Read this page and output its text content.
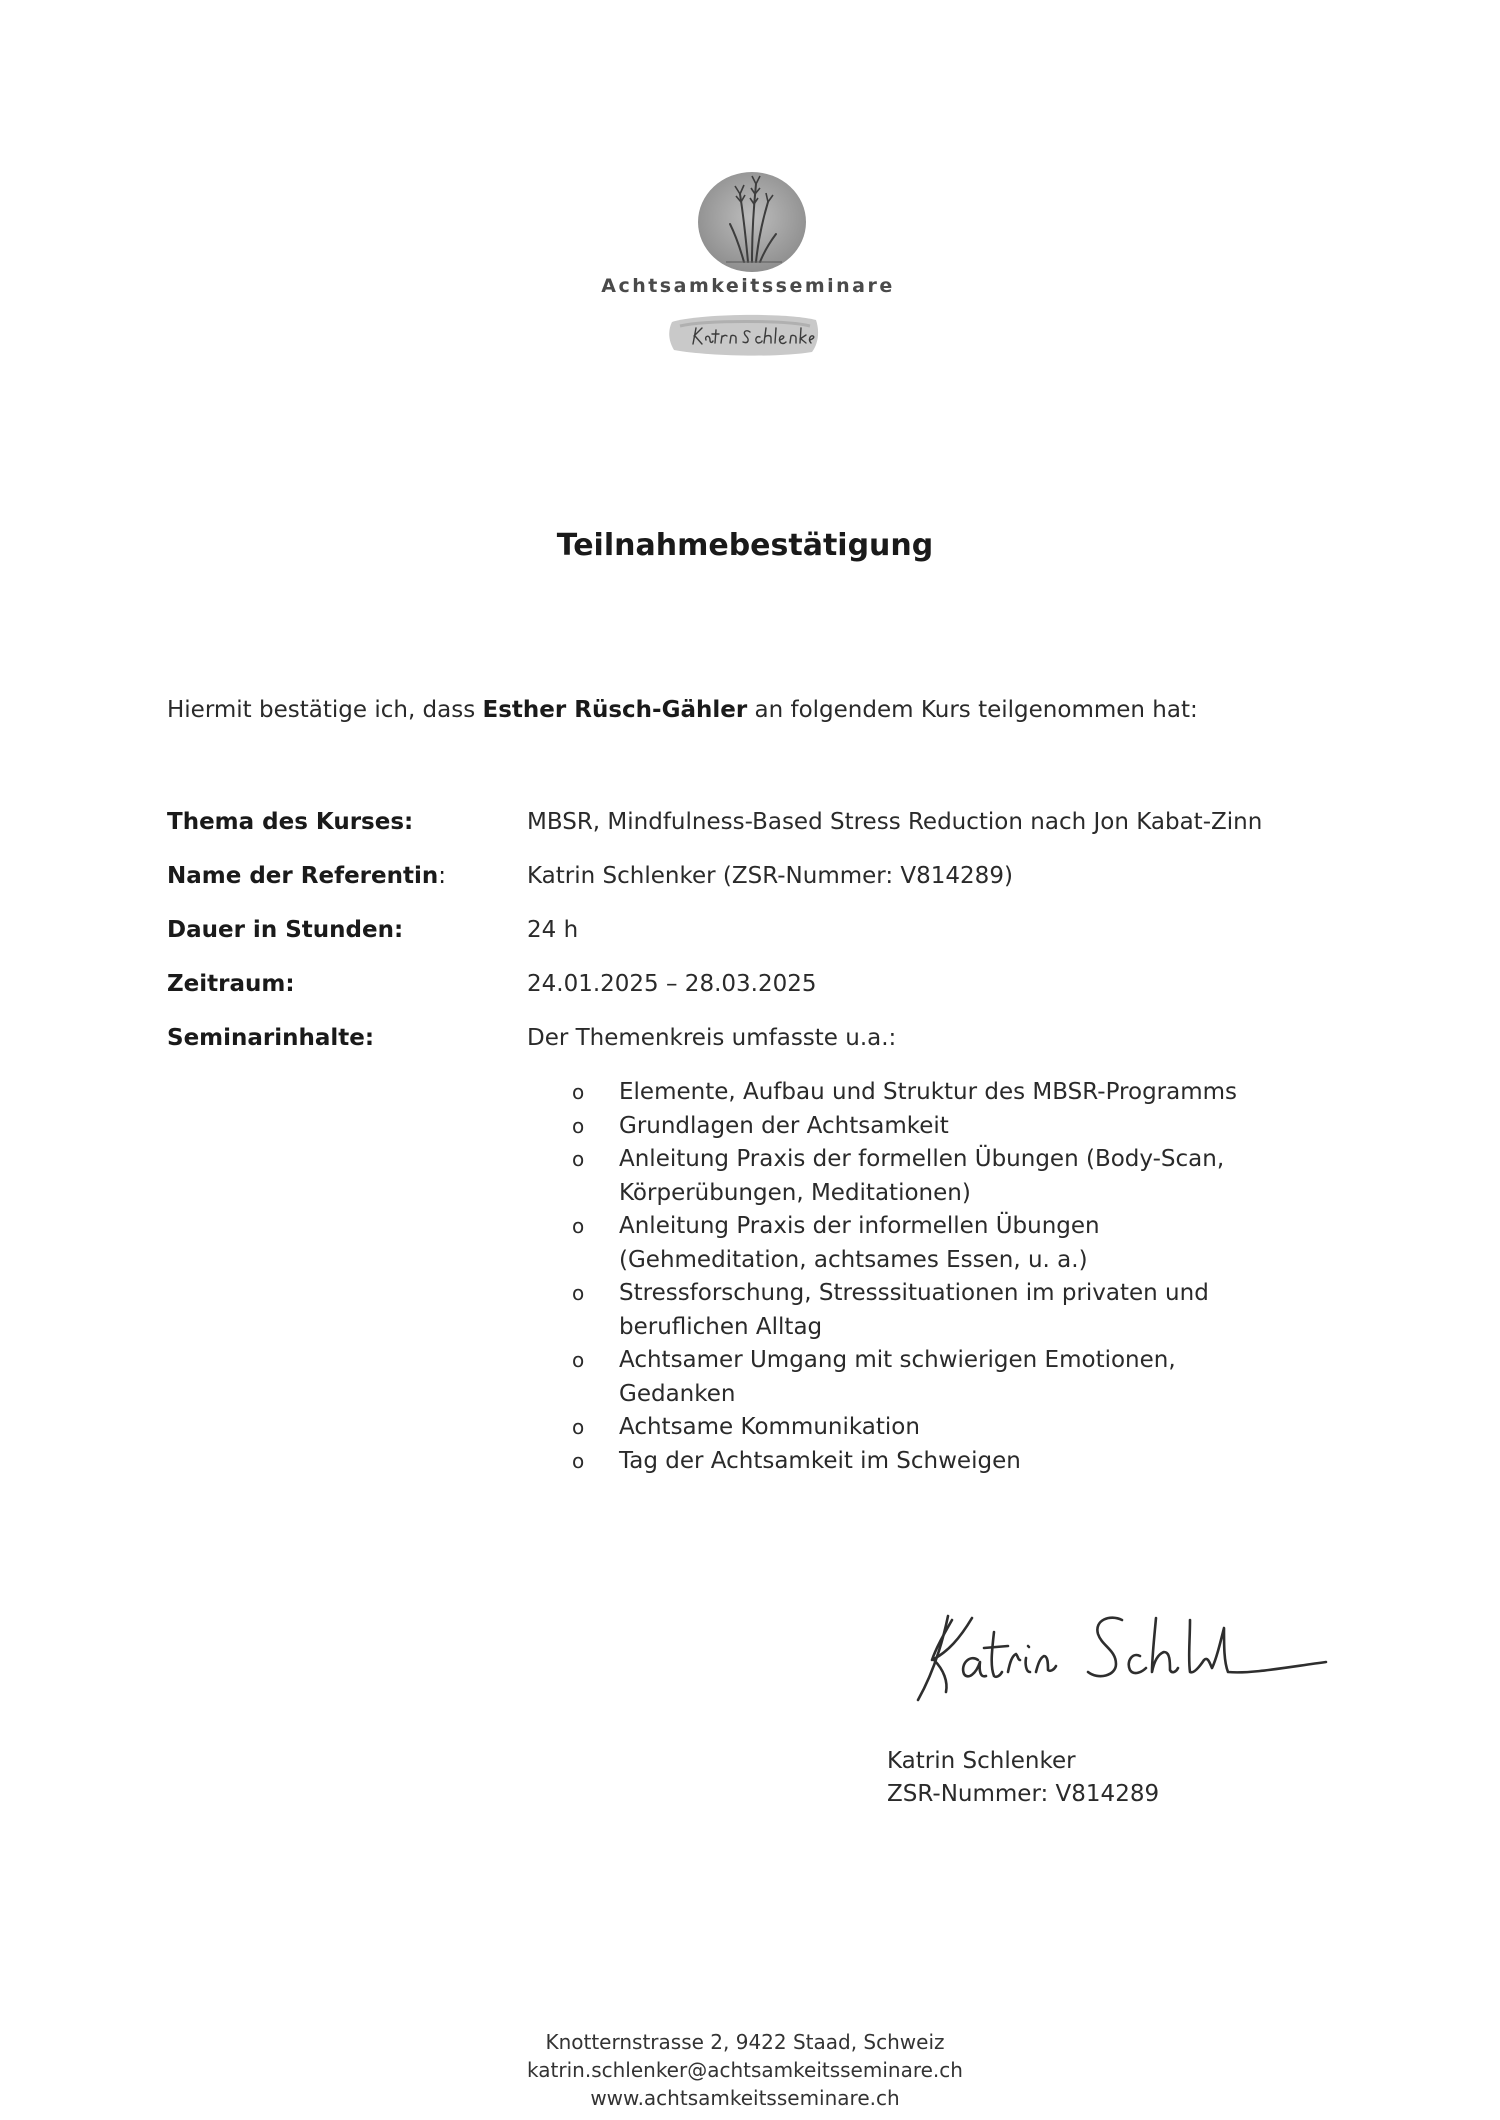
Achtsamkeitsseminare
Teilnahmebestätigung
Hiermit bestätige ich, dass Esther Rüsch-Gähler an folgendem Kurs teilgenommen hat:
Thema des Kurses:	MBSR, Mindfulness-Based Stress Reduction nach Jon Kabat-Zinn
Name der Referentin:	Katrin Schlenker (ZSR-Nummer: V814289)
Dauer in Stunden:	24 h
Zeitraum:	24.01.2025 – 28.03.2025
Seminarinhalte:	Der Themenkreis umfasste u.a.:
o Elemente, Aufbau und Struktur des MBSR-Programms
o Grundlagen der Achtsamkeit
o Anleitung Praxis der formellen Übungen (Body-Scan,
Körperübungen, Meditationen)
o Anleitung Praxis der informellen Übungen
(Gehmeditation, achtsames Essen, u. a.)
o Stressforschung, Stresssituationen im privaten und
beruflichen Alltag
o Achtsamer Umgang mit schwierigen Emotionen,
Gedanken
o Achtsame Kommunikation
o Tag der Achtsamkeit im Schweigen
Katrin Schlenker
ZSR-Nummer: V814289
Knotternstrasse 2, 9422 Staad, Schweiz
katrin.schlenker@achtsamkeitsseminare.ch
www.achtsamkeitsseminare.ch
